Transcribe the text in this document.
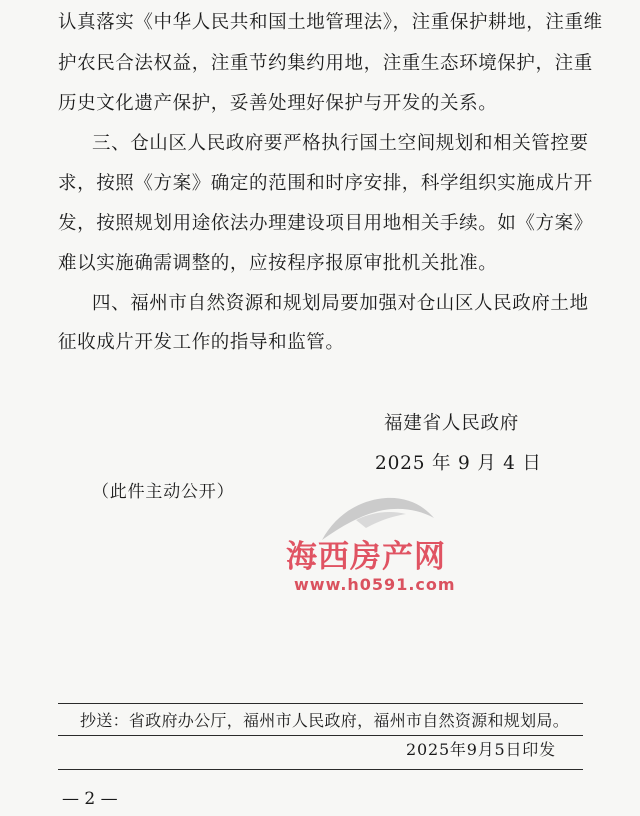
认真落实《中华人民共和国土地管理法》，注重保护耕地，注重维
护农民合法权益，注重节约集约用地，注重生态环境保护，注重
历史文化遗产保护，妥善处理好保护与开发的关系。
三、仓山区人民政府要严格执行国土空间规划和相关管控要
求，按照《方案》确定的范围和时序安排，科学组织实施成片开
发，按照规划用途依法办理建设项目用地相关手续。如《方案》
难以实施确需调整的，应按程序报原审批机关批准。
四、福州市自然资源和规划局要加强对仓山区人民政府土地
征收成片开发工作的指导和监管。
福建省人民政府
2025 年 9 月 4 日
（此件主动公开）
海西房产网
www.h0591.com
抄送：省政府办公厅，福州市人民政府，福州市自然资源和规划局。
2025年9月5日印发
— 2 —
